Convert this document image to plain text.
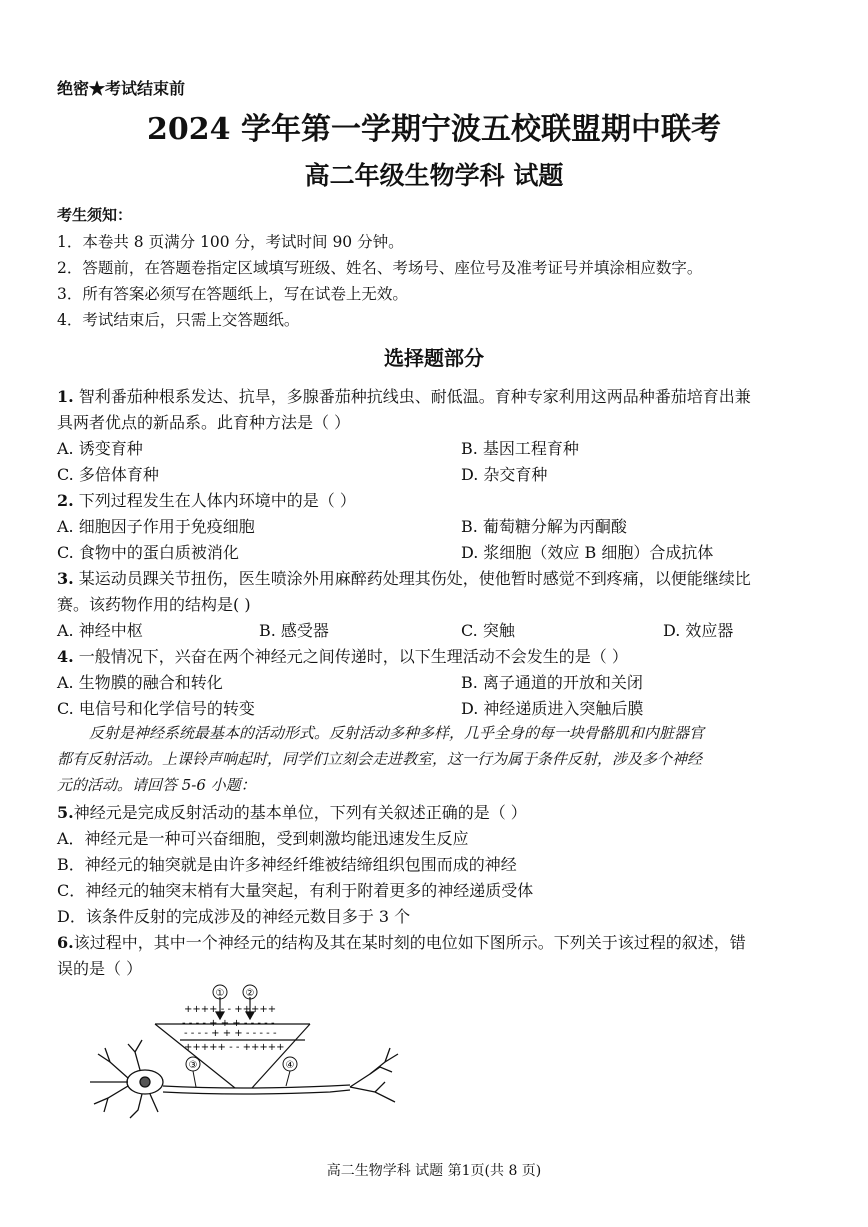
绝密★考试结束前
2024 学年第一学期宁波五校联盟期中联考
高二年级生物学科 试题
考生须知：
1．本卷共 8 页满分 100 分，考试时间 90 分钟。
2．答题前，在答题卷指定区域填写班级、姓名、考场号、座位号及准考证号并填涂相应数字。
3．所有答案必须写在答题纸上，写在试卷上无效。
4．考试结束后，只需上交答题纸。
选择题部分
1. 智利番茄种根系发达、抗旱，多腺番茄种抗线虫、耐低温。育种专家利用这两品种番茄培育出兼
具两者优点的新品系。此育种方法是（ ）
A. 诱变育种	B. 基因工程育种
C. 多倍体育种	D. 杂交育种
2. 下列过程发生在人体内环境中的是（ ）
A. 细胞因子作用于免疫细胞	B. 葡萄糖分解为丙酮酸
C. 食物中的蛋白质被消化	D. 浆细胞（效应 B 细胞）合成抗体
3. 某运动员踝关节扭伤，医生喷涂外用麻醉药处理其伤处，使他暂时感觉不到疼痛，以便能继续比
赛。该药物作用的结构是( )
A. 神经中枢	B. 感受器	C. 突触	D. 效应器
4. 一般情况下，兴奋在两个神经元之间传递时，以下生理活动不会发生的是（ ）
A. 生物膜的融合和转化	B. 离子通道的开放和关闭
C. 电信号和化学信号的转变	D. 神经递质进入突触后膜
反射是神经系统最基本的活动形式。反射活动多种多样，几乎全身的每一块骨骼肌和内脏器官
都有反射活动。上课铃声响起时，同学们立刻会走进教室，这一行为属于条件反射，涉及多个神经
元的活动。请回答 5-6 小题：
5.神经元是完成反射活动的基本单位，下列有关叙述正确的是（ ）
A．神经元是一种可兴奋细胞，受到刺激均能迅速发生反应
B．神经元的轴突就是由许多神经纤维被结缔组织包围而成的神经
C．神经元的轴突末梢有大量突起，有利于附着更多的神经递质受体
D．该条件反射的完成涉及的神经元数目多于 3 个
6.该过程中，其中一个神经元的结构及其在某时刻的电位如下图所示。下列关于该过程的叙述，错
误的是（ ）
① ②
③	④
++++ - - +++++
- - - - + + + - - - - -
- - - - + + + - - - - -
+++++ - - +++++
高二生物学科 试题 第1页(共 8 页)
